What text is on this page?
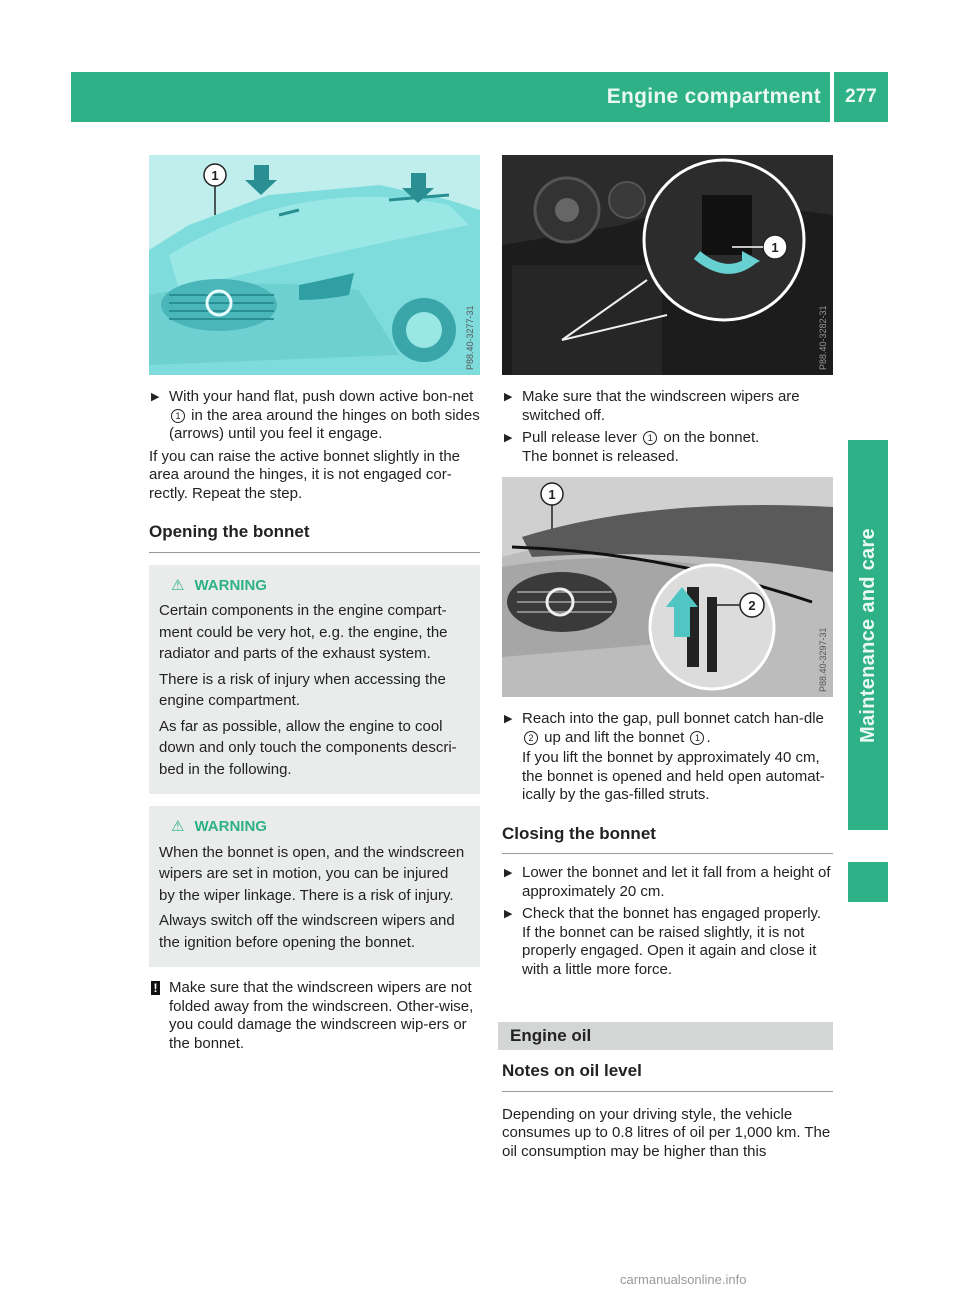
Engine compartment	277
Maintenance and care
1
P88.40-3277-31
1
P88.40-3282-31
2
1
P88.40-3297-31
▶ With your hand flat, push down active bon-net 1 in the area around the hinges on both sides (arrows) until you feel it engage.

If you can raise the active bonnet slightly in the area around the hinges, it is not engaged cor-rectly. Repeat the step.

Opening the bonnet

⚠ WARNING

Certain components in the engine compart-ment could be very hot, e.g. the engine, the radiator and parts of the exhaust system.

There is a risk of injury when accessing the engine compartment.

As far as possible, allow the engine to cool down and only touch the components descri-bed in the following.

⚠ WARNING

When the bonnet is open, and the windscreen wipers are set in motion, you can be injured by the wiper linkage. There is a risk of injury.

Always switch off the windscreen wipers and the ignition before opening the bonnet.

! Make sure that the windscreen wipers are not folded away from the windscreen. Other-wise, you could damage the windscreen wip-ers or the bonnet.
▶ Make sure that the windscreen wipers are switched off.
▶ Pull release lever 1 on the bonnet.

The bonnet is released.

▶ Reach into the gap, pull bonnet catch han-dle 2 up and lift the bonnet 1 .

If you lift the bonnet by approximately 40 cm, the bonnet is opened and held open automat-ically by the gas-filled struts.

Closing the bonnet

▶ Lower the bonnet and let it fall from a height of approximately 20 cm.
▶ Check that the bonnet has engaged properly. If the bonnet can be raised slightly, it is not properly engaged. Open it again and close it with a little more force.
Engine oil

Notes on oil level

Depending on your driving style, the vehicle consumes up to 0.8 litres of oil per 1,000 km. The oil consumption may be higher than this

carmanualsonline.info
